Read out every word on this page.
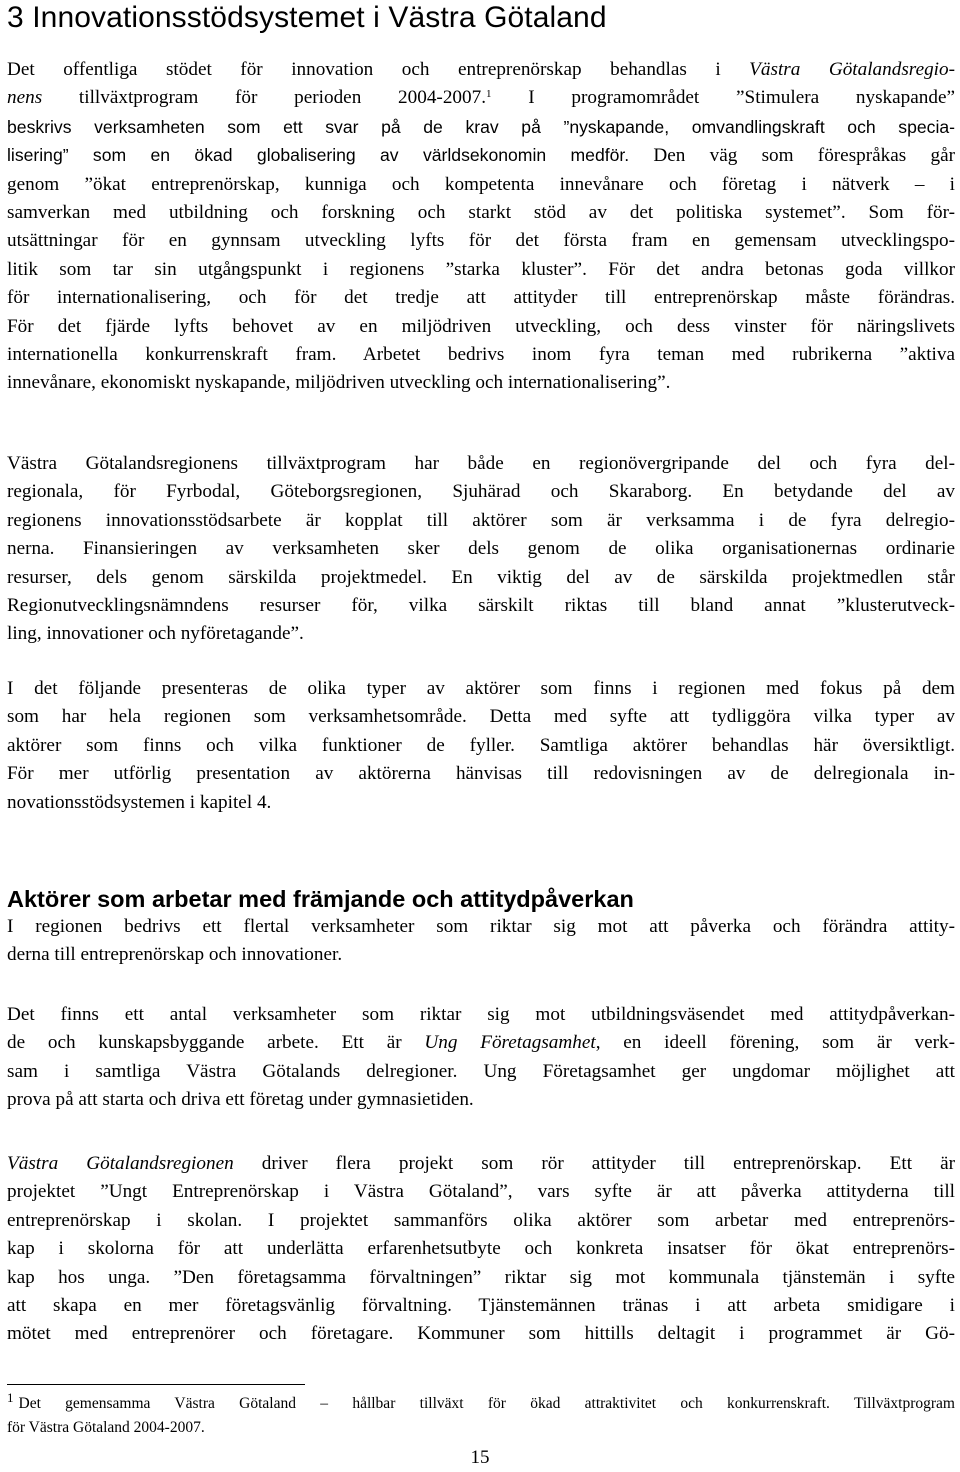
3 Innovationsstödsystemet i Västra Götaland
Det offentliga stödet för innovation och entreprenörskap behandlas i Västra Götalandsregio-
nens tillväxtprogram för perioden 2004-2007.$^1$ I programområdet ”Stimulera nyskapande”
beskrivs verksamheten som ett svar på de krav på ”nyskapande, omvandlingskraft och specia-
lisering” som en ökad globalisering av världsekonomin medför. Den väg som förespråkas går
genom ”ökat entreprenörskap, kunniga och kompetenta innevånare och företag i nätverk – i
samverkan med utbildning och forskning och starkt stöd av det politiska systemet”. Som för-
utsättningar för en gynnsam utveckling lyfts för det första fram en gemensam utvecklingspo-
litik som tar sin utgångspunkt i regionens ”starka kluster”. För det andra betonas goda villkor
för internationalisering, och för det tredje att attityder till entreprenörskap måste förändras.
För det fjärde lyfts behovet av en miljödriven utveckling, och dess vinster för näringslivets
internationella konkurrenskraft fram. Arbetet bedrivs inom fyra teman med rubrikerna ”aktiva
innevånare, ekonomiskt nyskapande, miljödriven utveckling och internationalisering”.
Västra Götalandsregionens tillväxtprogram har både en regionövergripande del och fyra del-
regionala, för Fyrbodal, Göteborgsregionen, Sjuhärad och Skaraborg. En betydande del av
regionens innovationsstödsarbete är kopplat till aktörer som är verksamma i de fyra delregio-
nerna. Finansieringen av verksamheten sker dels genom de olika organisationernas ordinarie
resurser, dels genom särskilda projektmedel. En viktig del av de särskilda projektmedlen står
Regionutvecklingsnämndens resurser för, vilka särskilt riktas till bland annat ”klusterutveck-
ling, innovationer och nyföretagande”.
I det följande presenteras de olika typer av aktörer som finns i regionen med fokus på dem
som har hela regionen som verksamhetsområde. Detta med syfte att tydliggöra vilka typer av
aktörer som finns och vilka funktioner de fyller. Samtliga aktörer behandlas här översiktligt.
För mer utförlig presentation av aktörerna hänvisas till redovisningen av de delregionala in-
novationsstödsystemen i kapitel 4.
Aktörer som arbetar med främjande och attitydpåverkan
I regionen bedrivs ett flertal verksamheter som riktar sig mot att påverka och förändra attity-
derna till entreprenörskap och innovationer.
Det finns ett antal verksamheter som riktar sig mot utbildningsväsendet med attitydpåverkan-
de och kunskapsbyggande arbete. Ett är Ung Företagsamhet, en ideell förening, som är verk-
sam i samtliga Västra Götalands delregioner. Ung Företagsamhet ger ungdomar möjlighet att
prova på att starta och driva ett företag under gymnasietiden.
Västra Götalandsregionen driver flera projekt som rör attityder till entreprenörskap. Ett är
projektet ”Ungt Entreprenörskap i Västra Götaland”, vars syfte är att påverka attityderna till
entreprenörskap i skolan. I projektet sammanförs olika aktörer som arbetar med entreprenörs-
kap i skolorna för att underlätta erfarenhetsutbyte och konkreta insatser för ökat entreprenörs-
kap hos unga. ”Den företagsamma förvaltningen” riktar sig mot kommunala tjänstemän i syfte
att skapa en mer företagsvänlig förvaltning. Tjänstemännen tränas i att arbeta smidigare i
mötet med entreprenörer och företagare. Kommuner som hittills deltagit i programmet är Gö-
$^1$ Det gemensamma Västra Götaland – hållbar tillväxt för ökad attraktivitet och konkurrenskraft. Tillväxtprogram
för Västra Götaland 2004-2007.
15
